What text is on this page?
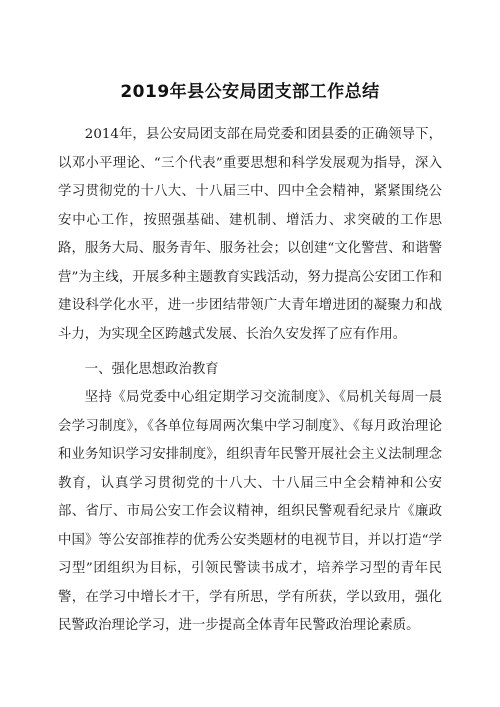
2019年县公安局团支部工作总结
2014年，县公安局团支部在局党委和团县委的正确领导下，以邓小平理论、“三个代表”重要思想和科学发展观为指导，深入学习贯彻党的十八大、十八届三中、四中全会精神，紧紧围绕公安中心工作，按照强基础、建机制、增活力、求突破的工作思路，服务大局、服务青年、服务社会；以创建“文化警营、和谐警营”为主线，开展多种主题教育实践活动，努力提高公安团工作和建设科学化水平，进一步团结带领广大青年增进团的凝聚力和战斗力，为实现全区跨越式发展、长治久安发挥了应有作用。
一、强化思想政治教育
坚持《局党委中心组定期学习交流制度》、《局机关每周一晨会学习制度》，《各单位每周两次集中学习制度》、《每月政治理论和业务知识学习安排制度》，组织青年民警开展社会主义法制理念教育，认真学习贯彻党的十八大、十八届三中全会精神和公安部、省厅、市局公安工作会议精神，组织民警观看纪录片《廉政中国》等公安部推荐的优秀公安类题材的电视节目，并以打造“学习型”团组织为目标，引领民警读书成才，培养学习型的青年民警，在学习中增长才干，学有所思，学有所获，学以致用，强化民警政治理论学习，进一步提高全体青年民警政治理论素质。
